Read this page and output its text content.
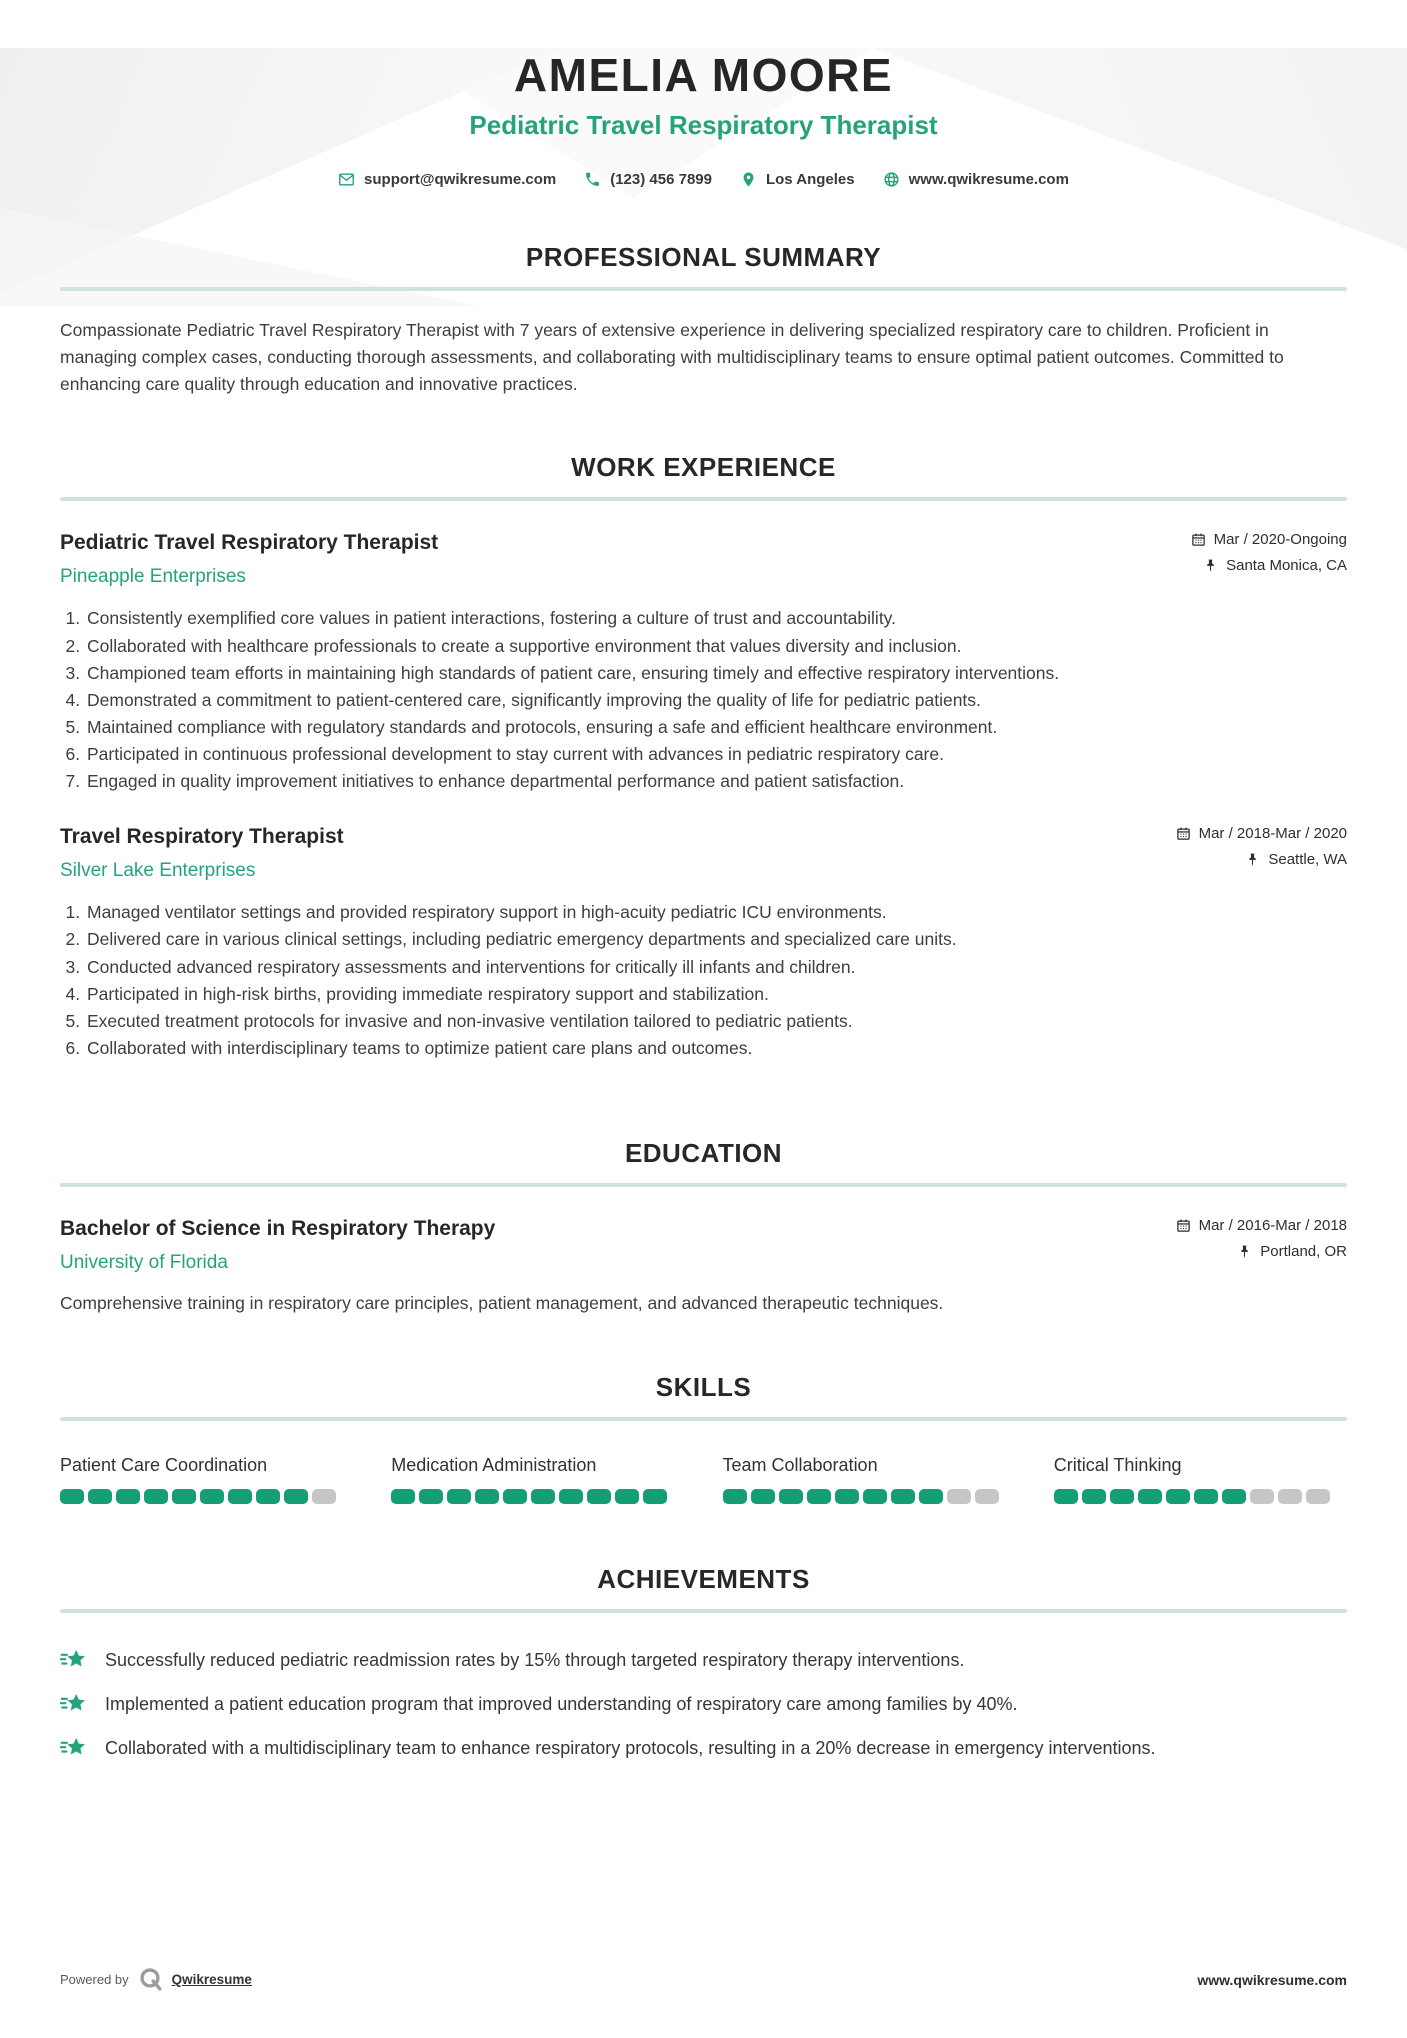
AMELIA MOORE
Pediatric Travel Respiratory Therapist
support@qwikresume.com	(123) 456 7899	Los Angeles	www.qwikresume.com
PROFESSIONAL SUMMARY

Compassionate Pediatric Travel Respiratory Therapist with 7 years of extensive experience in delivering specialized respiratory care to children. Proficient in managing complex cases, conducting thorough assessments, and collaborating with multidisciplinary teams to ensure optimal patient outcomes. Committed to enhancing care quality through education and innovative practices.

WORK EXPERIENCE
Pediatric Travel Respiratory Therapist
Pineapple Enterprises
Mar / 2020-Ongoing
Santa Monica, CA
1. Consistently exemplified core values in patient interactions, fostering a culture of trust and accountability.
2. Collaborated with healthcare professionals to create a supportive environment that values diversity and inclusion.
3. Championed team efforts in maintaining high standards of patient care, ensuring timely and effective respiratory interventions.
4. Demonstrated a commitment to patient-centered care, significantly improving the quality of life for pediatric patients.
5. Maintained compliance with regulatory standards and protocols, ensuring a safe and efficient healthcare environment.
6. Participated in continuous professional development to stay current with advances in pediatric respiratory care.
7. Engaged in quality improvement initiatives to enhance departmental performance and patient satisfaction.
Travel Respiratory Therapist
Silver Lake Enterprises
Mar / 2018-Mar / 2020
Seattle, WA
1. Managed ventilator settings and provided respiratory support in high-acuity pediatric ICU environments.
2. Delivered care in various clinical settings, including pediatric emergency departments and specialized care units.
3. Conducted advanced respiratory assessments and interventions for critically ill infants and children.
4. Participated in high-risk births, providing immediate respiratory support and stabilization.
5. Executed treatment protocols for invasive and non-invasive ventilation tailored to pediatric patients.
6. Collaborated with interdisciplinary teams to optimize patient care plans and outcomes.
EDUCATION
Bachelor of Science in Respiratory Therapy
University of Florida
Mar / 2016-Mar / 2018
Portland, OR

Comprehensive training in respiratory care principles, patient management, and advanced therapeutic techniques.

SKILLS
Patient Care Coordination	Medication Administration	Team Collaboration	Critical Thinking
ACHIEVEMENTS
Successfully reduced pediatric readmission rates by 15% through targeted respiratory therapy interventions.
Implemented a patient education program that improved understanding of respiratory care among families by 40%.
Collaborated with a multidisciplinary team to enhance respiratory protocols, resulting in a 20% decrease in emergency interventions.
Powered by	Qwikresume	www.qwikresume.com
